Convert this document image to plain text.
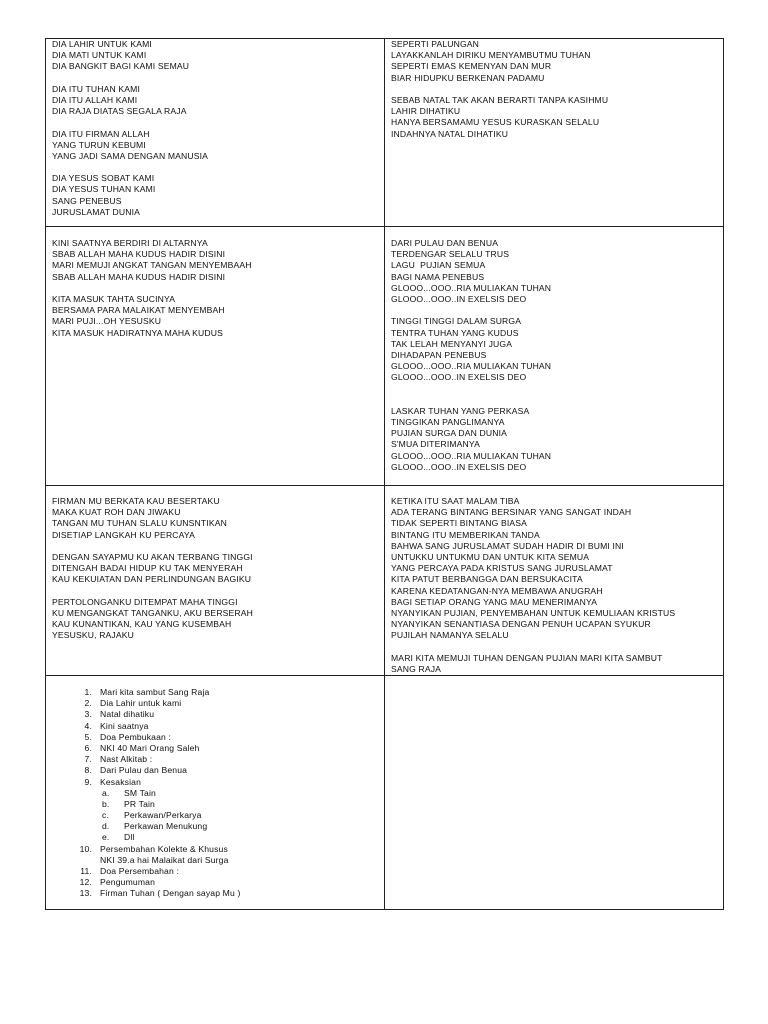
DIA LAHIR UNTUK KAMI
DIA MATI UNTUK KAMI
DIA BANGKIT BAGI KAMI SEMAU
DIA ITU TUHAN KAMI
DIA ITU ALLAH KAMI
DIA RAJA DIATAS SEGALA RAJA
DIA ITU FIRMAN ALLAH
YANG TURUN KEBUMI
YANG JADI SAMA DENGAN MANUSIA
DIA YESUS SOBAT KAMI
DIA YESUS TUHAN KAMI
SANG PENEBUS
JURUSLAMAT DUNIA
SEPERTI PALUNGAN
LAYAKKANLAH DIRIKU MENYAMBUTMU TUHAN
SEPERTI EMAS KEMENYAN DAN MUR
BIAR HIDUPKU BERKENAN PADAMU
SEBAB NATAL TAK AKAN BERARTI TANPA KASIHMU
LAHIR DIHATIKU
HANYA BERSAMAMU YESUS KURASKAN SELALU
INDAHNYA NATAL DIHATIKU
KINI SAATNYA BERDIRI DI ALTARNYA
SBAB ALLAH MAHA KUDUS HADIR DISINI
MARI MEMUJI ANGKAT TANGAN MENYEMBAAH
SBAB ALLAH MAHA KUDUS HADIR DISINI
KITA MASUK TAHTA SUCINYA
BERSAMA PARA MALAIKAT MENYEMBAH
MARI PUJI...OH YESUSKU
KITA MASUK HADIRATNYA MAHA KUDUS
DARI PULAU DAN BENUA
TERDENGAR SELALU TRUS
LAGU  PUJIAN SEMUA
BAGI NAMA PENEBUS
GLOOO...OOO..RIA MULIAKAN TUHAN
GLOOO...OOO..IN EXELSIS DEO
TINGGI TINGGI DALAM SURGA
TENTRA TUHAN YANG KUDUS
TAK LELAH MENYANYI JUGA
DIHADAPAN PENEBUS
GLOOO...OOO..RIA MULIAKAN TUHAN
GLOOO...OOO..IN EXELSIS DEO
LASKAR TUHAN YANG PERKASA
TINGGIKAN PANGLIMANYA
PUJIAN SURGA DAN DUNIA
S'MUA DITERIMANYA
GLOOO...OOO..RIA MULIAKAN TUHAN
GLOOO...OOO..IN EXELSIS DEO
FIRMAN MU BERKATA KAU BESERTAKU
MAKA KUAT ROH DAN JIWAKU
TANGAN MU TUHAN SLALU KUNSNTIKAN
DISETIAP LANGKAH KU PERCAYA
DENGAN SAYAPMU KU AKAN TERBANG TINGGI
DITENGAH BADAI HIDUP KU TAK MENYERAH
KAU KEKUIATAN DAN PERLINDUNGAN BAGIKU
PERTOLONGANKU DITEMPAT MAHA TINGGI
KU MENGANGKAT TANGANKU, AKU BERSERAH
KAU KUNANTIKAN, KAU YANG KUSEMBAH
YESUSKU, RAJAKU
KETIKA ITU SAAT MALAM TIBA
ADA TERANG BINTANG BERSINAR YANG SANGAT INDAH
TIDAK SEPERTI BINTANG BIASA
BINTANG ITU MEMBERIKAN TANDA
BAHWA SANG JURUSLAMAT SUDAH HADIR DI BUMI INI
UNTUKKU UNTUKMU DAN UNTUK KITA SEMUA
YANG PERCAYA PADA KRISTUS SANG JURUSLAMAT
KITA PATUT BERBANGGA DAN BERSUKACITA
KARENA KEDATANGAN-NYA MEMBAWA ANUGRAH
BAGI SETIAP ORANG YANG MAU MENERIMANYA
NYANYIKAN PUJIAN, PENYEMBAHAN UNTUK KEMULIAAN KRISTUS
NYANYIKAN SENANTIASA DENGAN PENUH UCAPAN SYUKUR
PUJILAH NAMANYA SELALU
MARI KITA MEMUJI TUHAN DENGAN PUJIAN MARI KITA SAMBUT
SANG RAJA
1. Mari kita sambut Sang Raja
2. Dia Lahir untuk kami
3. Natal dihatiku
4. Kini saatnya
5. Doa Pembukaan :
6. NKI 40 Mari Orang Saleh
7. Nast Alkitab :
8. Dari Pulau dan Benua
9. Kesaksian
a.	SM Tain
b.	PR Tain
c.	Perkawan/Perkarya
d.	Perkawan Menukung
e.	Dll
10. Persembahan Kolekte & Khusus
NKI 39.a hai Malaikat dari Surga
11. Doa Persembahan :
12. Pengumuman
13. Firman Tuhan ( Dengan sayap Mu )
